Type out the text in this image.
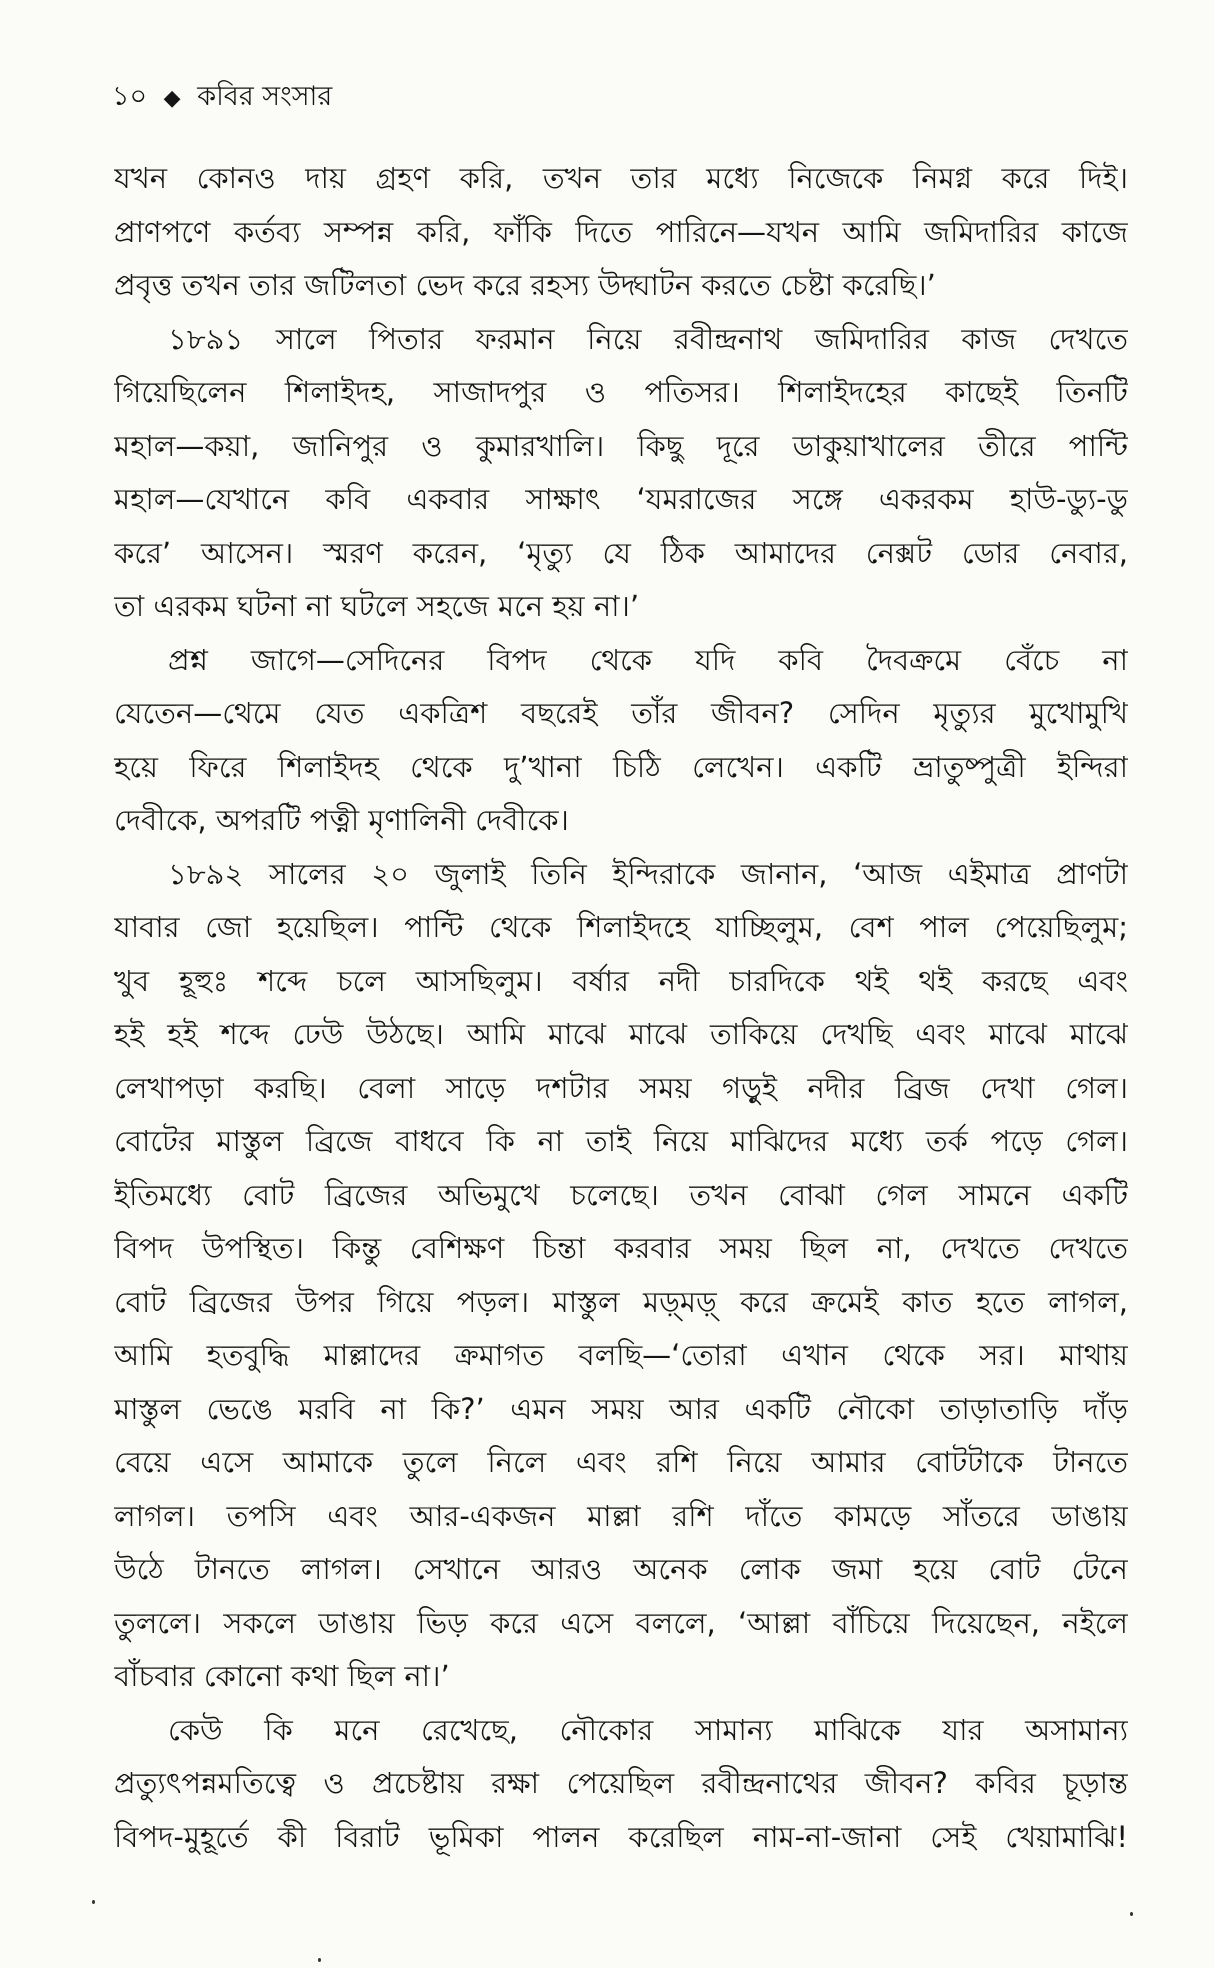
১০ ◆ কবির সংসার
যখন কোনও দায় গ্রহণ করি, তখন তার মধ্যে নিজেকে নিমগ্ন করে দিই।
প্রাণপণে কর্তব্য সম্পন্ন করি, ফাঁকি দিতে পারিনে—যখন আমি জমিদারির কাজে
প্রবৃত্ত তখন তার জটিলতা ভেদ করে রহস্য উদ্ঘাটন করতে চেষ্টা করেছি।’
১৮৯১ সালে পিতার ফরমান নিয়ে রবীন্দ্রনাথ জমিদারির কাজ দেখতে
গিয়েছিলেন শিলাইদহ, সাজাদপুর ও পতিসর। শিলাইদহের কাছেই তিনটি
মহাল—কয়া, জানিপুর ও কুমারখালি। কিছু দূরে ডাকুয়াখালের তীরে পান্টি
মহাল—যেখানে কবি একবার সাক্ষাৎ ‘যমরাজের সঙ্গে একরকম হাউ-ড্যু-ডু
করে’ আসেন। স্মরণ করেন, ‘মৃত্যু যে ঠিক আমাদের নেক্সট ডোর নেবার,
তা এরকম ঘটনা না ঘটলে সহজে মনে হয় না।’
প্রশ্ন জাগে—সেদিনের বিপদ থেকে যদি কবি দৈবক্রমে বেঁচে না
যেতেন—থেমে যেত একত্রিশ বছরেই তাঁর জীবন? সেদিন মৃত্যুর মুখোমুখি
হয়ে ফিরে শিলাইদহ থেকে দু’খানা চিঠি লেখেন। একটি ভ্রাতুষ্পুত্রী ইন্দিরা
দেবীকে, অপরটি পত্নী মৃণালিনী দেবীকে।
১৮৯২ সালের ২০ জুলাই তিনি ইন্দিরাকে জানান, ‘আজ এইমাত্র প্রাণটা
যাবার জো হয়েছিল। পান্টি থেকে শিলাইদহে যাচ্ছিলুম, বেশ পাল পেয়েছিলুম;
খুব হূহুঃ শব্দে চলে আসছিলুম। বর্ষার নদী চারদিকে থই থই করছে এবং
হই হই শব্দে ঢেউ উঠছে। আমি মাঝে মাঝে তাকিয়ে দেখছি এবং মাঝে মাঝে
লেখাপড়া করছি। বেলা সাড়ে দশটার সময় গড়ুই নদীর ব্রিজ দেখা গেল।
বোটের মাস্তুল ব্রিজে বাধবে কি না তাই নিয়ে মাঝিদের মধ্যে তর্ক পড়ে গেল।
ইতিমধ্যে বোট ব্রিজের অভিমুখে চলেছে। তখন বোঝা গেল সামনে একটি
বিপদ উপস্থিত। কিন্তু বেশিক্ষণ চিন্তা করবার সময় ছিল না, দেখতে দেখতে
বোট ব্রিজের উপর গিয়ে পড়ল। মাস্তুল মড়্মড়্ করে ক্রমেই কাত হতে লাগল,
আমি হতবুদ্ধি মাল্লাদের ক্রমাগত বলছি—‘তোরা এখান থেকে সর। মাথায়
মাস্তুল ভেঙে মরবি না কি?’ এমন সময় আর একটি নৌকো তাড়াতাড়ি দাঁড়
বেয়ে এসে আমাকে তুলে নিলে এবং রশি নিয়ে আমার বোটটাকে টানতে
লাগল। তপসি এবং আর-একজন মাল্লা রশি দাঁতে কামড়ে সাঁতরে ডাঙায়
উঠে টানতে লাগল। সেখানে আরও অনেক লোক জমা হয়ে বোট টেনে
তুললে। সকলে ডাঙায় ভিড় করে এসে বললে, ‘আল্লা বাঁচিয়ে দিয়েছেন, নইলে
বাঁচবার কোনো কথা ছিল না।’
কেউ কি মনে রেখেছে, নৌকোর সামান্য মাঝিকে যার অসামান্য
প্রত্যুৎপন্নমতিত্বে ও প্রচেষ্টায় রক্ষা পেয়েছিল রবীন্দ্রনাথের জীবন? কবির চূড়ান্ত
বিপদ-মুহূর্তে কী বিরাট ভূমিকা পালন করেছিল নাম-না-জানা সেই খেয়ামাঝি!
